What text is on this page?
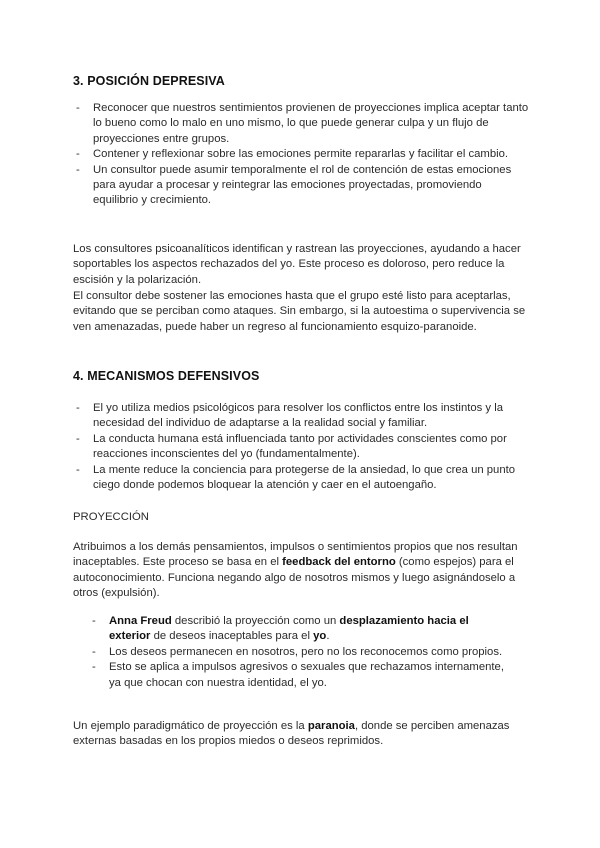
3. POSICIÓN DEPRESIVA
- Reconocer que nuestros sentimientos provienen de proyecciones implica aceptar tanto lo bueno como lo malo en uno mismo, lo que puede generar culpa y un flujo de proyecciones entre grupos.
- Contener y reflexionar sobre las emociones permite repararlas y facilitar el cambio.
- Un consultor puede asumir temporalmente el rol de contención de estas emociones para ayudar a procesar y reintegrar las emociones proyectadas, promoviendo equilibrio y crecimiento.

Los consultores psicoanalíticos identifican y rastrean las proyecciones, ayudando a hacer soportables los aspectos rechazados del yo. Este proceso es doloroso, pero reduce la escisión y la polarización.

El consultor debe sostener las emociones hasta que el grupo esté listo para aceptarlas, evitando que se perciban como ataques. Sin embargo, si la autoestima o supervivencia se ven amenazadas, puede haber un regreso al funcionamiento esquizo-paranoide.

4. MECANISMOS DEFENSIVOS
- El yo utiliza medios psicológicos para resolver los conflictos entre los instintos y la necesidad del individuo de adaptarse a la realidad social y familiar.
- La conducta humana está influenciada tanto por actividades conscientes como por reacciones inconscientes del yo (fundamentalmente).
- La mente reduce la conciencia para protegerse de la ansiedad, lo que crea un punto ciego donde podemos bloquear la atención y caer en el autoengaño.

PROYECCIÓN

Atribuimos a los demás pensamientos, impulsos o sentimientos propios que nos resultan inaceptables. Este proceso se basa en el feedback del entorno (como espejos) para el autoconocimiento. Funciona negando algo de nosotros mismos y luego asignándoselo a otros (expulsión).

- Anna Freud describió la proyección como un desplazamiento hacia el exterior de deseos inaceptables para el yo.
- Los deseos permanecen en nosotros, pero no los reconocemos como propios.
- Esto se aplica a impulsos agresivos o sexuales que rechazamos internamente, ya que chocan con nuestra identidad, el yo.

Un ejemplo paradigmático de proyección es la paranoia, donde se perciben amenazas externas basadas en los propios miedos o deseos reprimidos.
